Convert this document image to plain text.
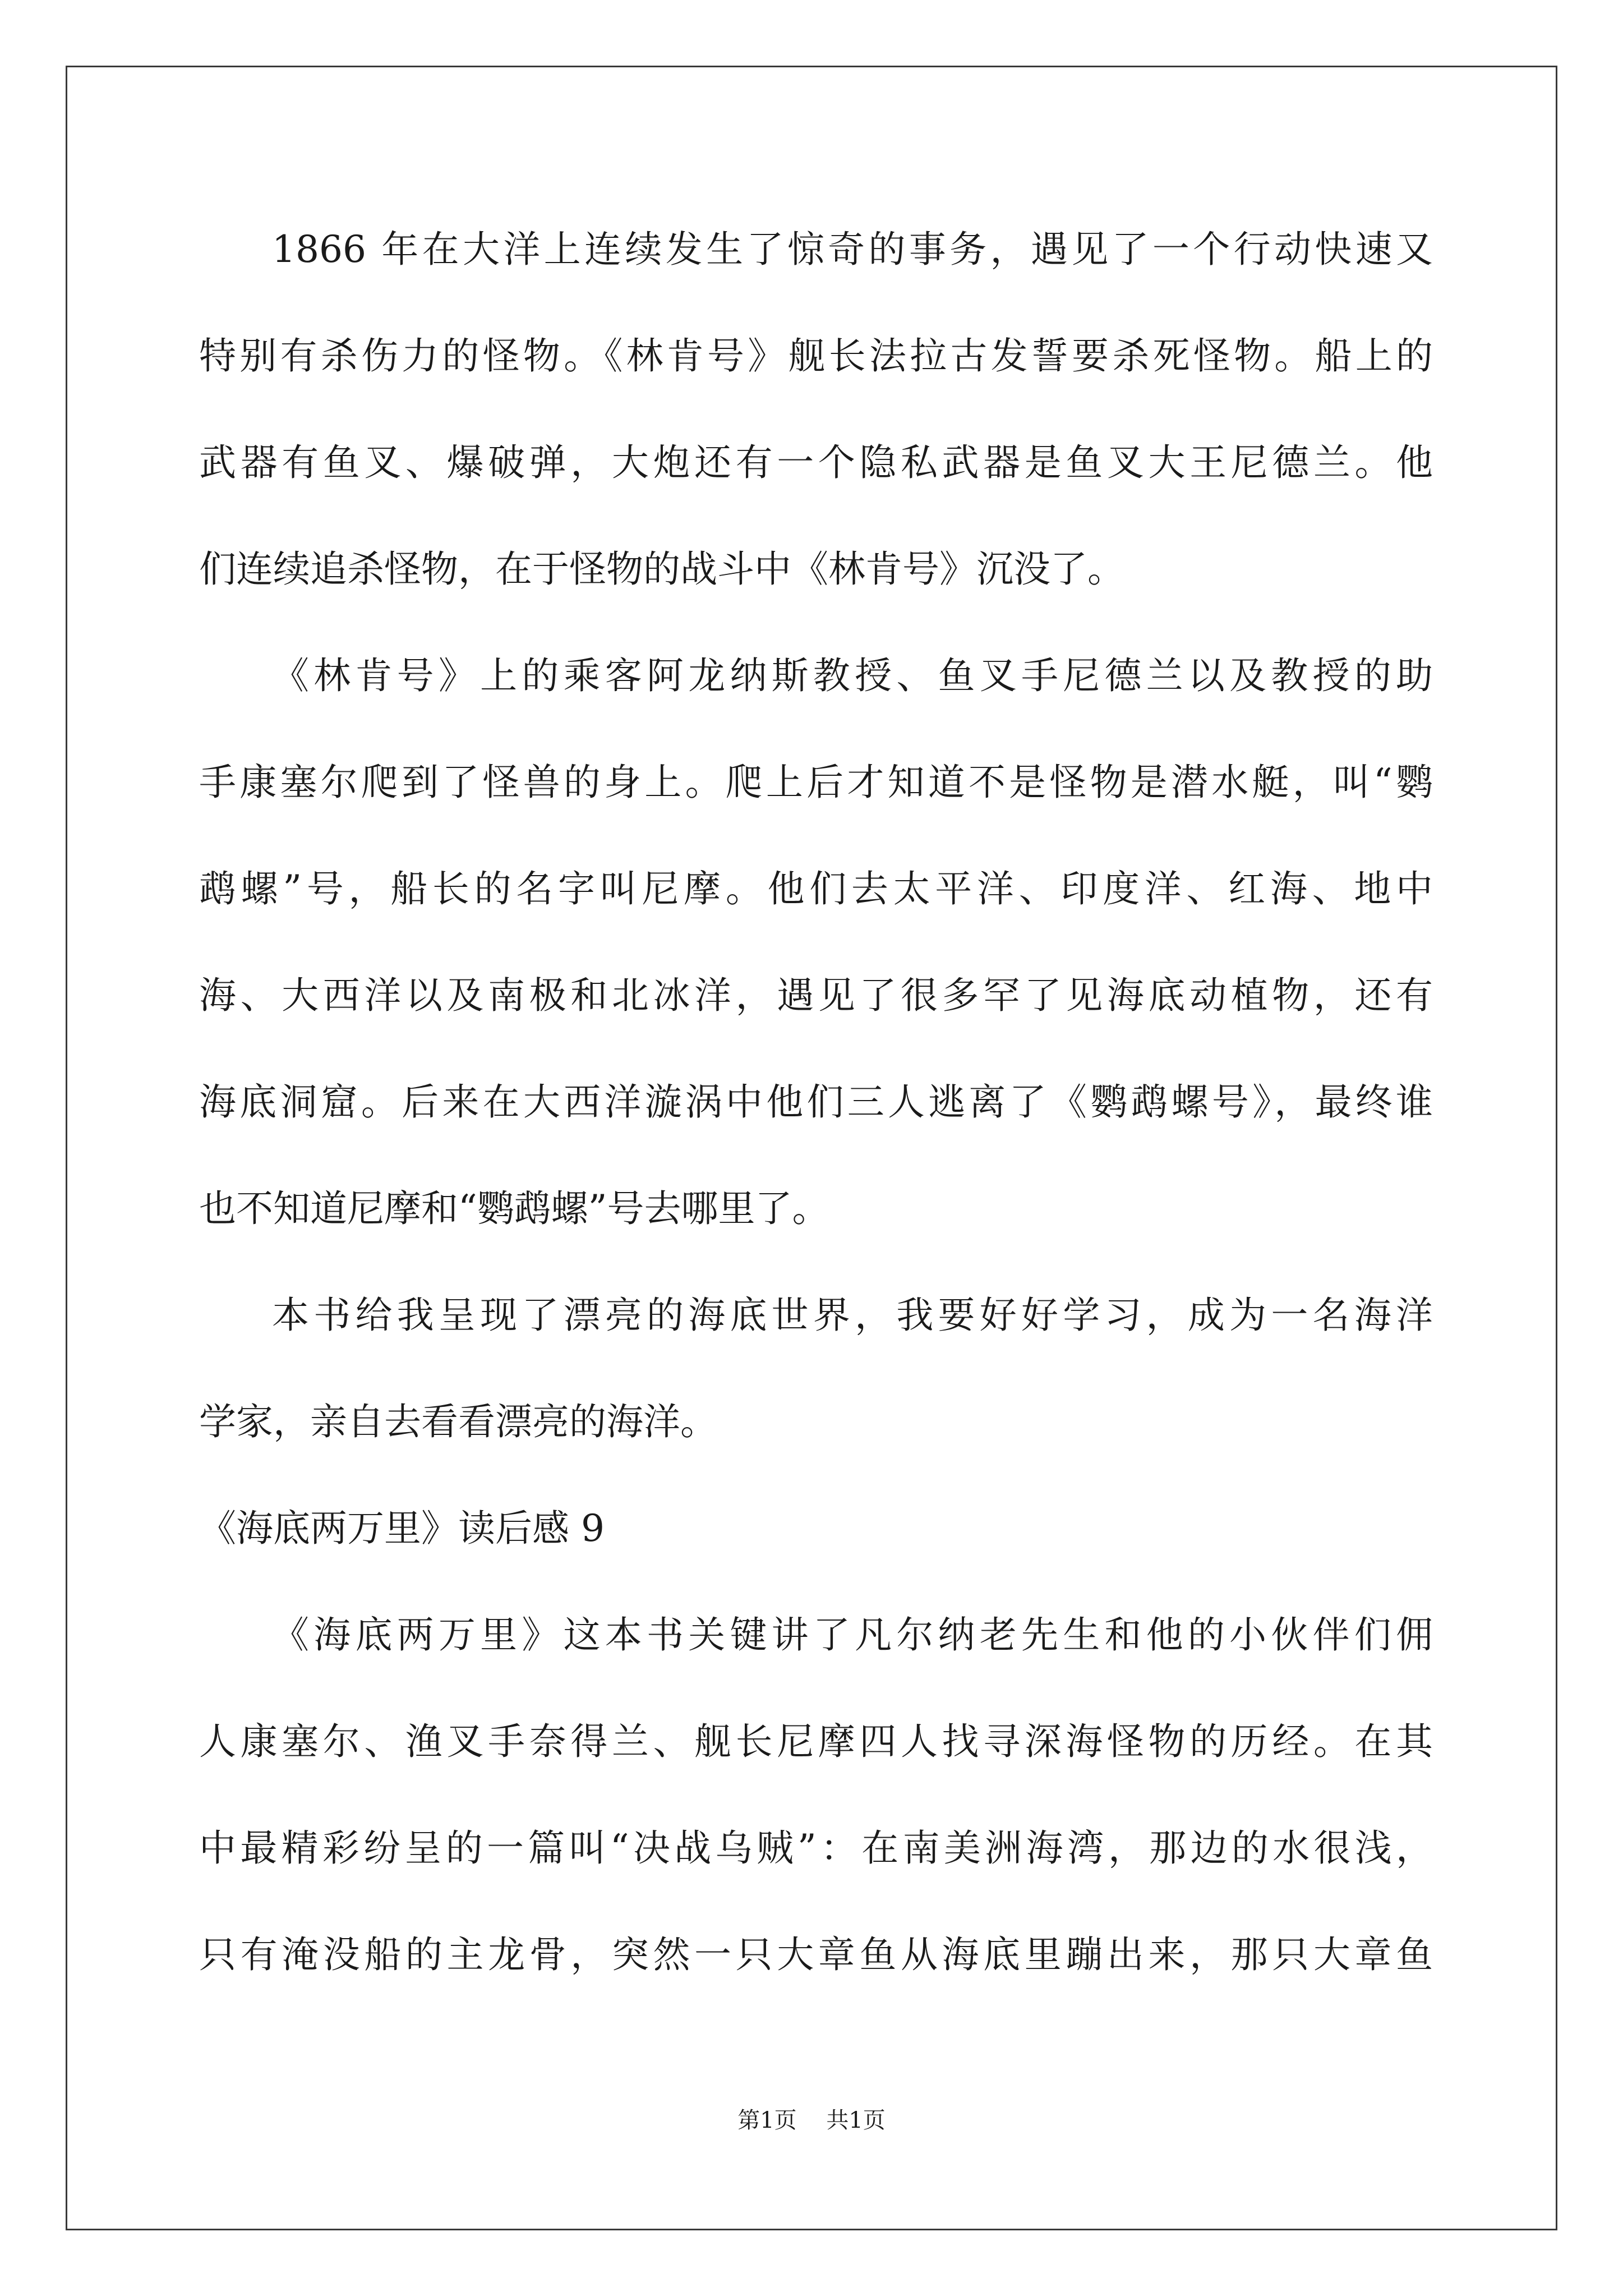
1866 年在大洋上连续发生了惊奇的事务，遇见了一个行动快速又
特别有杀伤力的怪物。《林肯号》舰长法拉古发誓要杀死怪物。船上的
武器有鱼叉、爆破弹，大炮还有一个隐私武器是鱼叉大王尼德兰。他
们连续追杀怪物，在于怪物的战斗中《林肯号》沉没了。
《林肯号》上的乘客阿龙纳斯教授、鱼叉手尼德兰以及教授的助
手康塞尔爬到了怪兽的身上。爬上后才知道不是怪物是潜水艇，叫“鹦
鹉螺”号，船长的名字叫尼摩。他们去太平洋、印度洋、红海、地中
海、大西洋以及南极和北冰洋，遇见了很多罕了见海底动植物，还有
海底洞窟。后来在大西洋漩涡中他们三人逃离了《鹦鹉螺号》，最终谁
也不知道尼摩和“鹦鹉螺”号去哪里了。
本书给我呈现了漂亮的海底世界，我要好好学习，成为一名海洋
学家，亲自去看看漂亮的海洋。
《海底两万里》读后感 9
《海底两万里》这本书关键讲了凡尔纳老先生和他的小伙伴们佣
人康塞尔、渔叉手奈得兰、舰长尼摩四人找寻深海怪物的历经。在其
中最精彩纷呈的一篇叫“决战乌贼”：在南美洲海湾，那边的水很浅，
只有淹没船的主龙骨，突然一只大章鱼从海底里蹦出来，那只大章鱼
第1页 共1页
